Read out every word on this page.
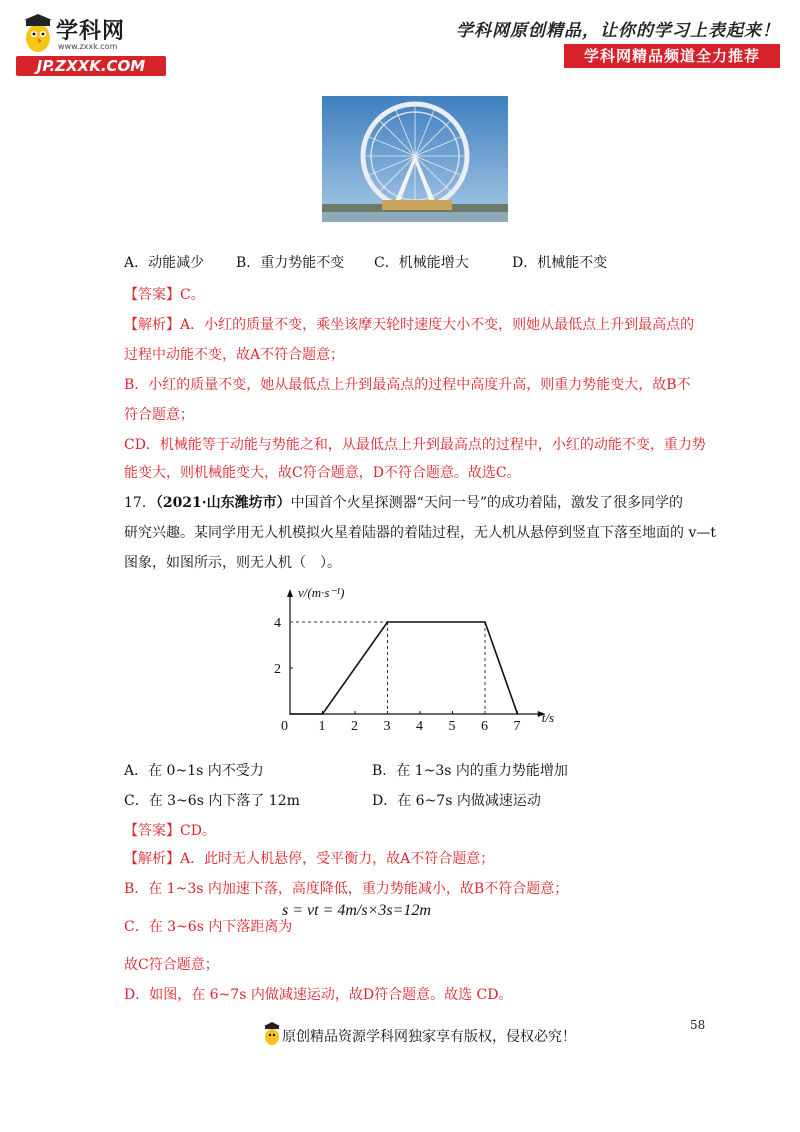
学科网
www.zxxk.com
JP.ZXXK.COM
学科网原创精品，让你的学习上表起来！
学科网精品频道全力推荐
A．动能减少 B．重力势能不变 C．机械能增大	D．机械能不变
【答案】C。
【解析】A．小红的质量不变，乘坐该摩天轮时速度大小不变，则她从最低点上升到最高点的
过程中动能不变，故A不符合题意；
B．小红的质量不变，她从最低点上升到最高点的过程中高度升高，则重力势能变大，故B不
符合题意；
CD．机械能等于动能与势能之和，从最低点上升到最高点的过程中，小红的动能不变，重力势
能变大，则机械能变大，故C符合题意，D不符合题意。故选C。
17．（2021·山东潍坊市）中国首个火星探测器“天问一号”的成功着陆，激发了很多同学的
研究兴趣。某同学用无人机模拟火星着陆器的着陆过程，无人机从悬停到竖直下落至地面的 v—t
图象，如图所示，则无人机（　）。
v/(m·s⁻¹)
t/s
0 1 2 3 4 5 6 7
2
4
A．在 0~1s 内不受力	B．在 1~3s 内的重力势能增加
C．在 3~6s 内下落了 12m	D．在 6~7s 内做减速运动
【答案】CD。
【解析】A．此时无人机悬停，受平衡力，故A不符合题意；
B．在 1~3s 内加速下落，高度降低，重力势能减小，故B不符合题意；
C．在 3~6s 内下落距离为
s = vt = 4m/s×3s=12m
故C符合题意；
D．如图，在 6~7s 内做减速运动，故D符合题意。故选 CD。
58
原创精品资源学科网独家享有版权，侵权必究！
